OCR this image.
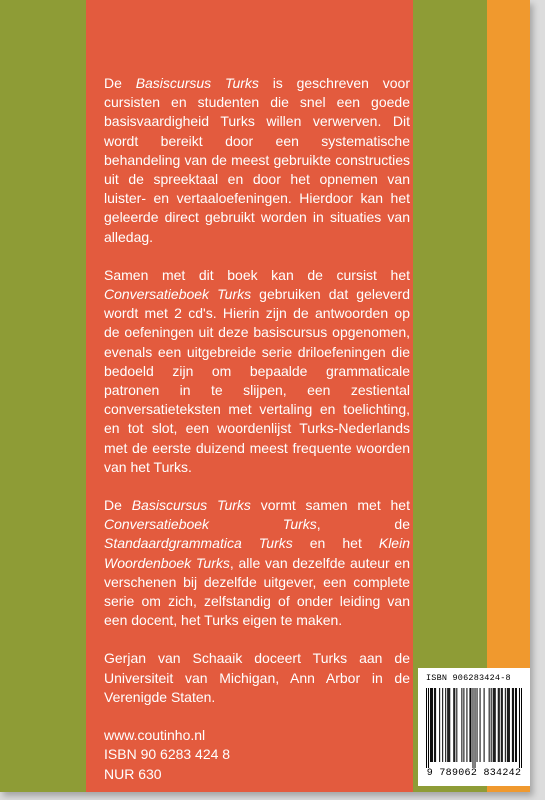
De Basiscursus Turks is geschreven voor cursisten en studenten die snel een goede basisvaardigheid Turks willen verwerven. Dit wordt bereikt door een systematische behandeling van de meest gebruikte constructies uit de spreektaal en door het opnemen van luister- en vertaaloefeningen. Hierdoor kan het geleerde direct gebruikt worden in situaties van alledag.

Samen met dit boek kan de cursist het Conversatieboek Turks gebruiken dat geleverd wordt met 2 cd's. Hierin zijn de antwoorden op de oefeningen uit deze basiscursus opgenomen, evenals een uitgebreide serie driloefeningen die bedoeld zijn om bepaalde grammaticale patronen in te slijpen, een zestiental conversatieteksten met vertaling en toelichting, en tot slot, een woordenlijst Turks-Nederlands met de eerste duizend meest frequente woorden van het Turks.

De Basiscursus Turks vormt samen met het Conversatieboek Turks, de Standaardgrammatica Turks en het Klein Woordenboek Turks, alle van dezelfde auteur en verschenen bij dezelfde uitgever, een complete serie om zich, zelfstandig of onder leiding van een docent, het Turks eigen te maken.

Gerjan van Schaaik doceert Turks aan de Universiteit van Michigan, Ann Arbor in de Verenigde Staten.

www.coutinho.nl
ISBN 90 6283 424 8
NUR 630
ISBN 906283424-8
9 789062 834242
